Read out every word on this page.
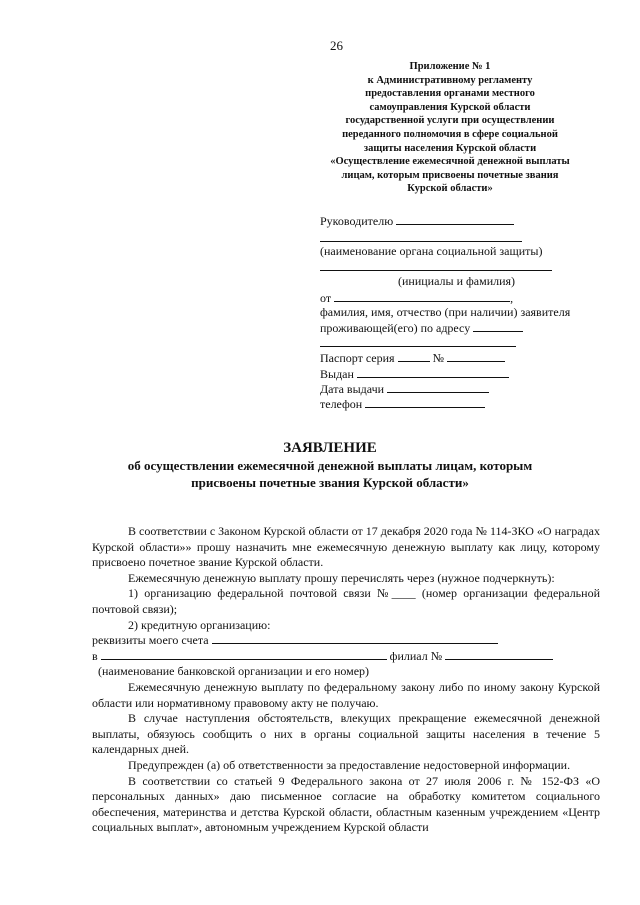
26
Приложение № 1
к Административному регламенту
предоставления органами местного
самоуправления Курской области
государственной услуги при осуществлении
переданного полномочия в сфере социальной
защиты населения Курской области
«Осуществление ежемесячной денежной выплаты
лицам, которым присвоены почетные звания
Курской области»
Руководителю
(наименование органа социальной защиты)
(инициалы и фамилия)
от	,
фамилия, имя, отчество (при наличии) заявителя
проживающей(его) по адресу
Паспорт серия	№
Выдан
Дата выдачи
телефон
ЗАЯВЛЕНИЕ
об осуществлении ежемесячной денежной выплаты лицам, которым
присвоены почетные звания Курской области»

В соответствии с Законом Курской области от 17 декабря 2020 года № 114-ЗКО «О наградах Курской области»» прошу назначить мне ежемесячную денежную выплату как лицу, которому присвоено почетное звание Курской области.

Ежемесячную денежную выплату прошу перечислять через (нужное подчеркнуть):

1) организацию федеральной почтовой связи №____ (номер организации федеральной почтовой связи);

2) кредитную организацию:

реквизиты моего счета

в	филиал №

(наименование банковской организации и его номер)

Ежемесячную денежную выплату по федеральному закону либо по иному закону Курской области или нормативному правовому акту не получаю.

В случае наступления обстоятельств, влекущих прекращение ежемесячной денежной выплаты, обязуюсь сообщить о них в органы социальной защиты населения в течение 5 календарных дней.

Предупрежден (а) об ответственности за предоставление недостоверной информации.

В соответствии со статьей 9 Федерального закона от 27 июля 2006 г. № 152-ФЗ «О персональных данных» даю письменное согласие на обработку комитетом социального обеспечения, материнства и детства Курской области, областным казенным учреждением «Центр социальных выплат», автономным учреждением Курской области
